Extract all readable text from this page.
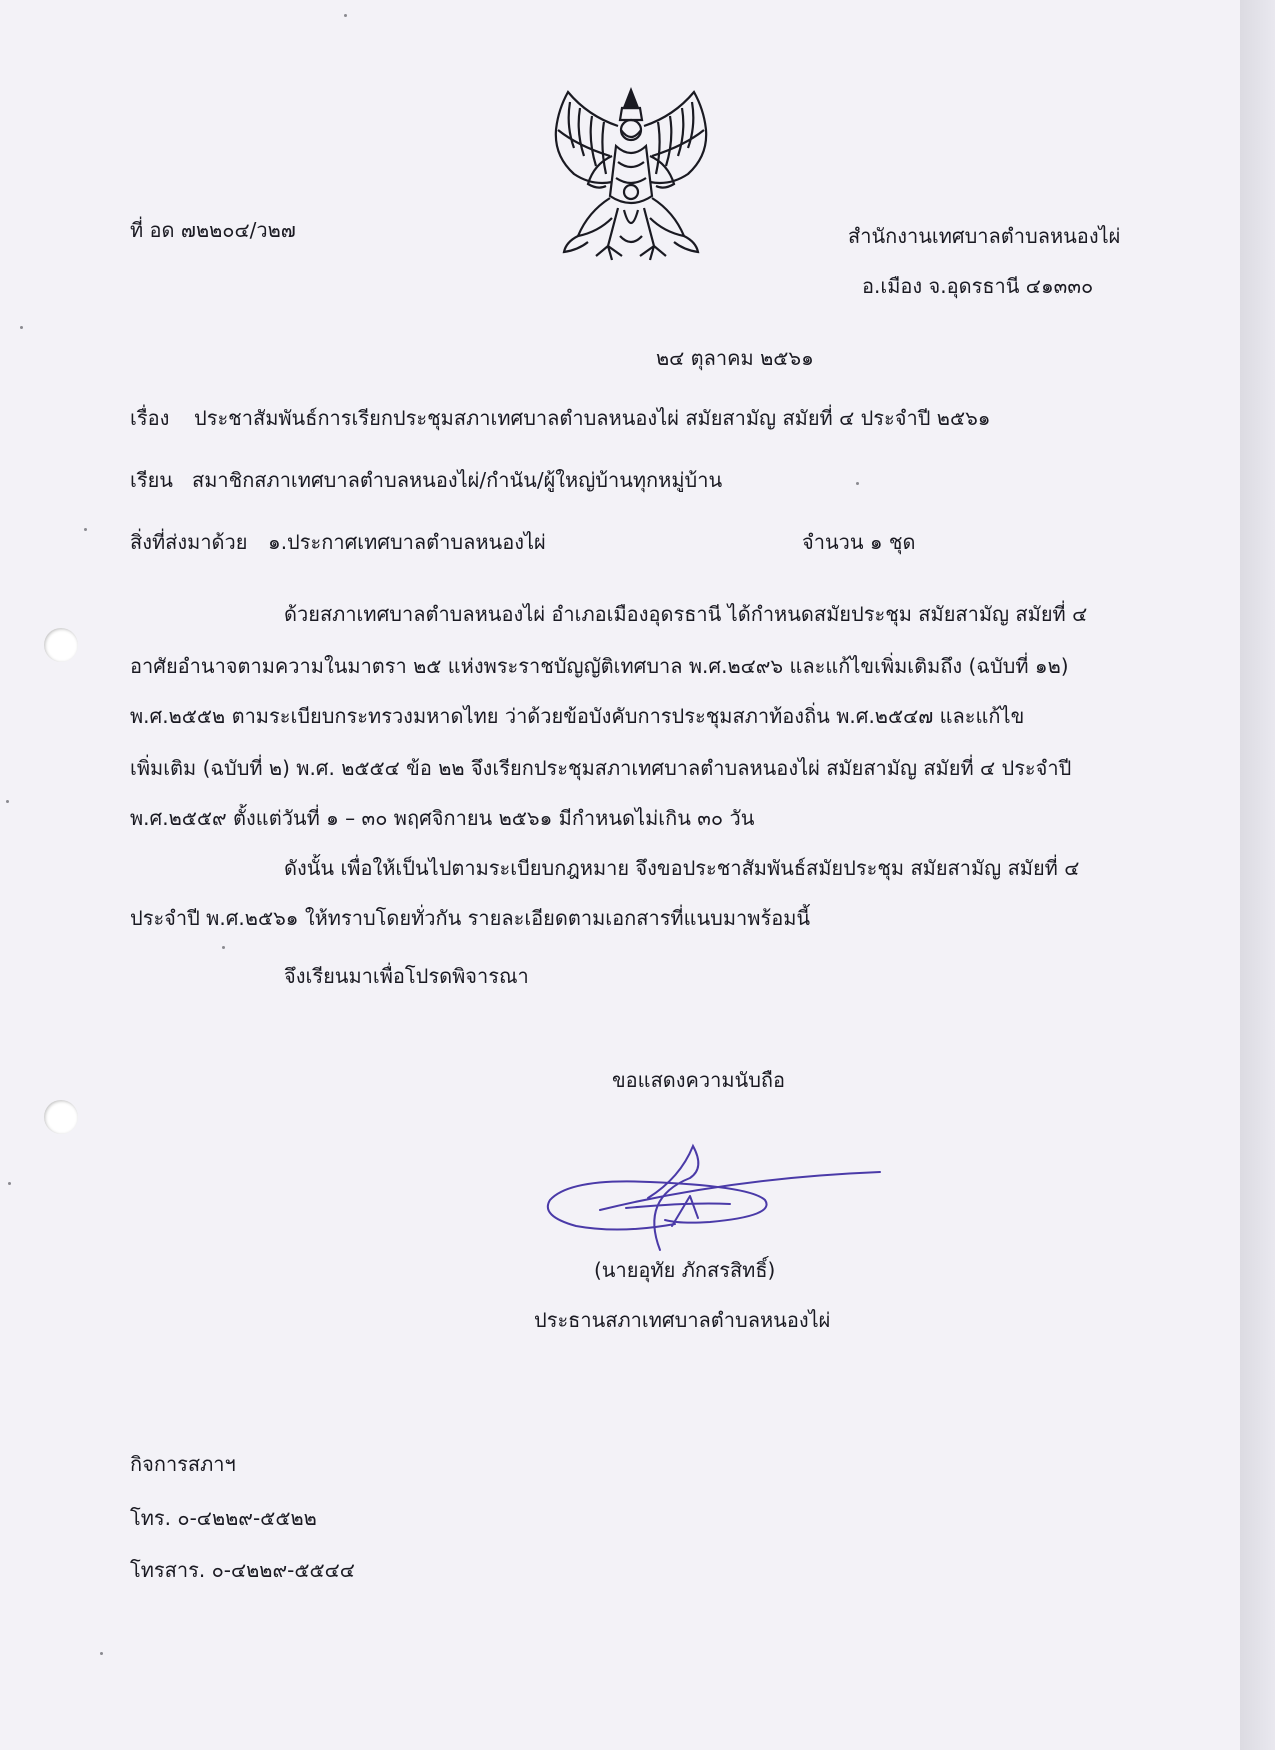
ที่ อด ๗๒๒๐๔/ว๒๗	สำนักงานเทศบาลตำบลหนองไผ่
อ.เมือง จ.อุดรธานี ๔๑๓๓๐
๒๔ ตุลาคม ๒๕๖๑
เรื่อง ประชาสัมพันธ์การเรียกประชุมสภาเทศบาลตำบลหนองไผ่ สมัยสามัญ สมัยที่ ๔ ประจำปี ๒๕๖๑
เรียน สมาชิกสภาเทศบาลตำบลหนองไผ่/กำนัน/ผู้ใหญ่บ้านทุกหมู่บ้าน
สิ่งที่ส่งมาด้วย ๑.ประกาศเทศบาลตำบลหนองไผ่	จำนวน ๑ ชุด
ด้วยสภาเทศบาลตำบลหนองไผ่ อำเภอเมืองอุดรธานี ได้กำหนดสมัยประชุม สมัยสามัญ สมัยที่ ๔
อาศัยอำนาจตามความในมาตรา ๒๕ แห่งพระราชบัญญัติเทศบาล พ.ศ.๒๔๙๖ และแก้ไขเพิ่มเติมถึง (ฉบับที่ ๑๒)
พ.ศ.๒๕๕๒ ตามระเบียบกระทรวงมหาดไทย ว่าด้วยข้อบังคับการประชุมสภาท้องถิ่น พ.ศ.๒๕๔๗ และแก้ไข
เพิ่มเติม (ฉบับที่ ๒) พ.ศ. ๒๕๕๔ ข้อ ๒๒ จึงเรียกประชุมสภาเทศบาลตำบลหนองไผ่ สมัยสามัญ สมัยที่ ๔ ประจำปี
พ.ศ.๒๕๕๙ ตั้งแต่วันที่ ๑ – ๓๐ พฤศจิกายน ๒๕๖๑ มีกำหนดไม่เกิน ๓๐ วัน
ดังนั้น เพื่อให้เป็นไปตามระเบียบกฎหมาย จึงขอประชาสัมพันธ์สมัยประชุม สมัยสามัญ สมัยที่ ๔
ประจำปี พ.ศ.๒๕๖๑ ให้ทราบโดยทั่วกัน รายละเอียดตามเอกสารที่แนบมาพร้อมนี้
จึงเรียนมาเพื่อโปรดพิจารณา
ขอแสดงความนับถือ
(นายอุทัย ภักสรสิทธิ์)
ประธานสภาเทศบาลตำบลหนองไผ่
กิจการสภาฯ
โทร. ๐-๔๒๒๙-๕๕๒๒
โทรสาร. ๐-๔๒๒๙-๕๕๔๔
